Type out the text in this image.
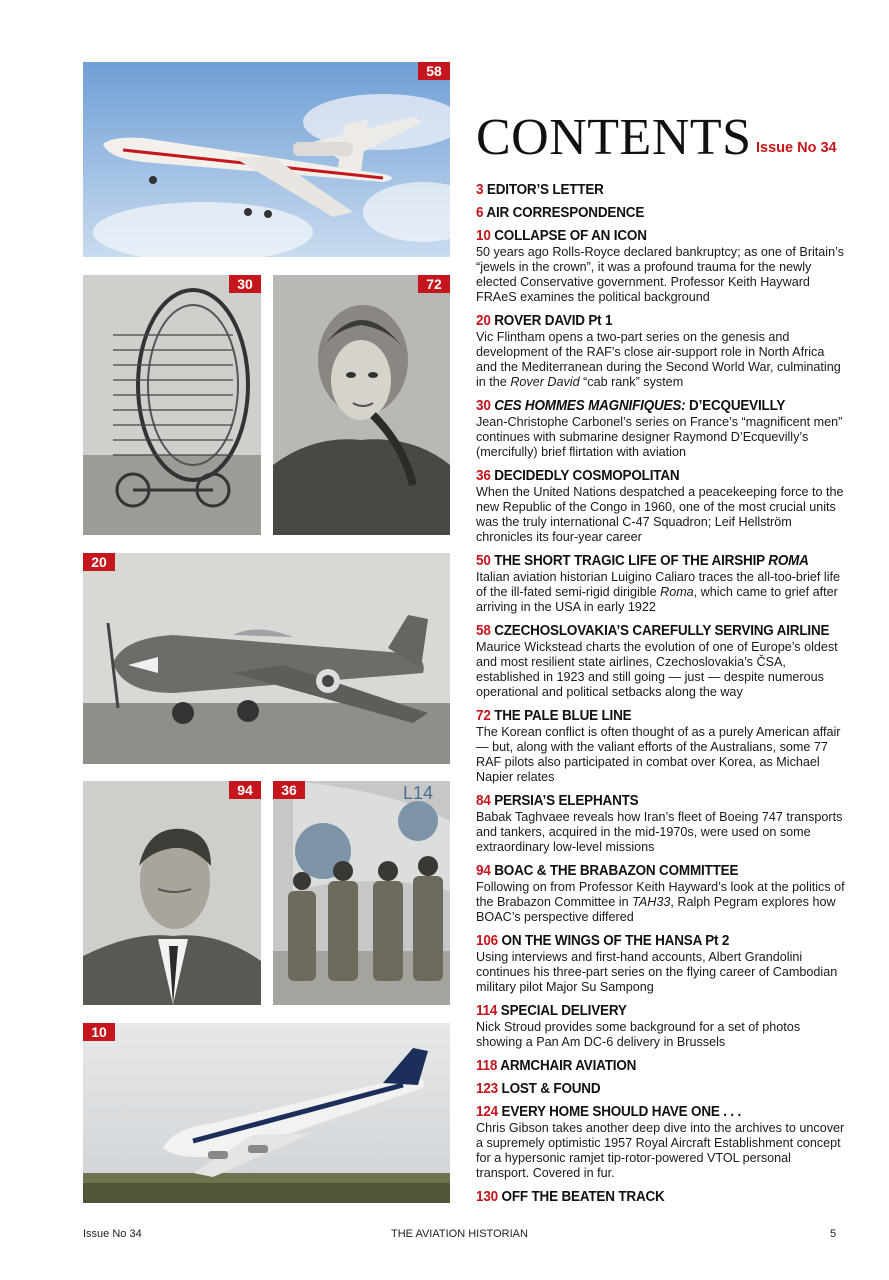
58
30	72
20
94	L14
36
10
CONTENTS Issue No 34
3 EDITOR’S LETTER
6 AIR CORRESPONDENCE
10 COLLAPSE OF AN ICON
50 years ago Rolls-Royce declared bankruptcy; as one of Britain’s “jewels in the crown”, it was a profound trauma for the newly elected Conservative government. Professor Keith Hayward FRAeS examines the political background
20 ROVER DAVID Pt 1
Vic Flintham opens a two-part series on the genesis and development of the RAF’s close air-support role in North Africa and the Mediterranean during the Second World War, culminating in the Rover David “cab rank” system
30 CES HOMMES MAGNIFIQUES: D’ECQUEVILLY
Jean-Christophe Carbonel’s series on France’s “magnificent men” continues with submarine designer Raymond D’Ecquevilly’s (mercifully) brief flirtation with aviation
36 DECIDEDLY COSMOPOLITAN
When the United Nations despatched a peacekeeping force to the new Republic of the Congo in 1960, one of the most crucial units was the truly international C-47 Squadron; Leif Hellström chronicles its four-year career
50 THE SHORT TRAGIC LIFE OF THE AIRSHIP ROMA
Italian aviation historian Luigino Caliaro traces the all-too-brief life of the ill-fated semi-rigid dirigible Roma, which came to grief after arriving in the USA in early 1922
58 CZECHOSLOVAKIA’S CAREFULLY SERVING AIRLINE
Maurice Wickstead charts the evolution of one of Europe’s oldest and most resilient state airlines, Czechoslovakia’s ČSA, established in 1923 and still going — just — despite numerous operational and political setbacks along the way
72 THE PALE BLUE LINE
The Korean conflict is often thought of as a purely American affair — but, along with the valiant efforts of the Australians, some 77 RAF pilots also participated in combat over Korea, as Michael Napier relates
84 PERSIA’S ELEPHANTS
Babak Taghvaee reveals how Iran’s fleet of Boeing 747 transports and tankers, acquired in the mid-1970s, were used on some extraordinary low-level missions
94 BOAC & THE BRABAZON COMMITTEE
Following on from Professor Keith Hayward’s look at the politics of the Brabazon Committee in TAH33, Ralph Pegram explores how BOAC’s perspective differed
106 ON THE WINGS OF THE HANSA Pt 2
Using interviews and first-hand accounts, Albert Grandolini continues his three-part series on the flying career of Cambodian military pilot Major Su Sampong
114 SPECIAL DELIVERY
Nick Stroud provides some background for a set of photos showing a Pan Am DC-6 delivery in Brussels
118 ARMCHAIR AVIATION
123 LOST & FOUND
124 EVERY HOME SHOULD HAVE ONE . . .
Chris Gibson takes another deep dive into the archives to uncover a supremely optimistic 1957 Royal Aircraft Establishment concept for a hypersonic ramjet tip-rotor-powered VTOL personal transport. Covered in fur.
130 OFF THE BEATEN TRACK
Issue No 34	THE AVIATION HISTORIAN	5
